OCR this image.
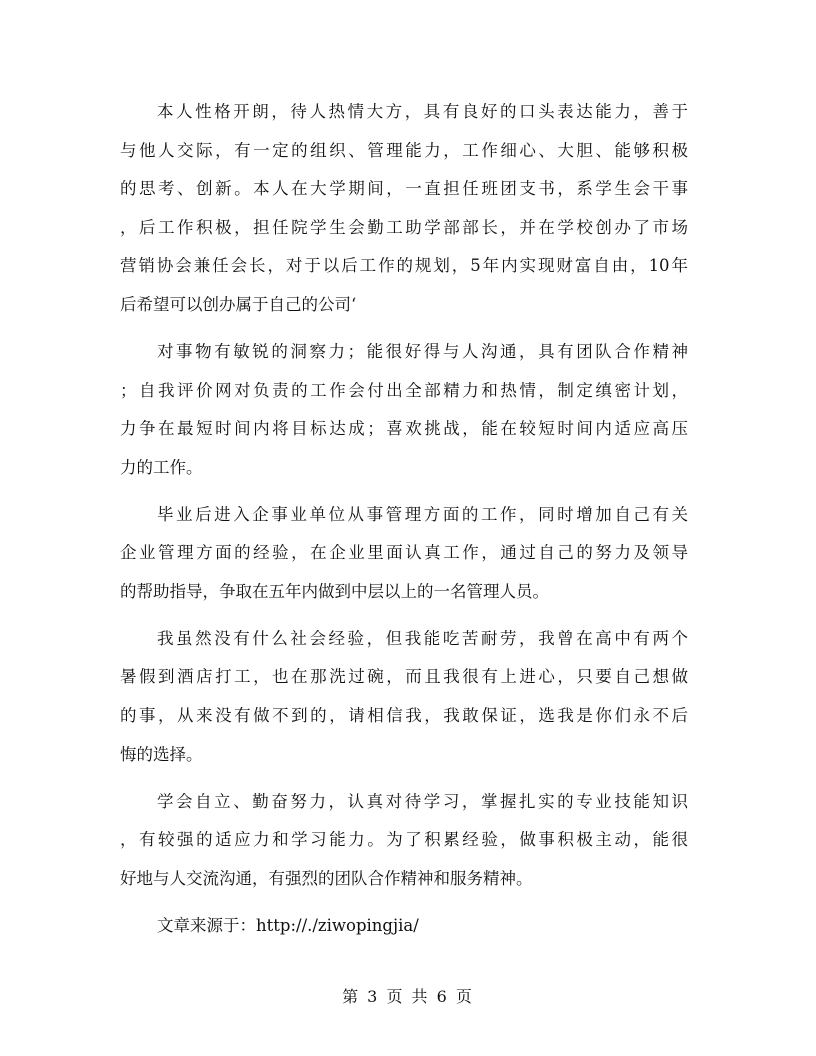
本人性格开朗，待人热情大方，具有良好的口头表达能力，善于
与他人交际，有一定的组织、管理能力，工作细心、大胆、能够积极
的思考、创新。本人在大学期间，一直担任班团支书，系学生会干事
，后工作积极，担任院学生会勤工助学部部长，并在学校创办了市场
营销协会兼任会长，对于以后工作的规划，5年内实现财富自由，10年
后希望可以创办属于自己的公司‘
对事物有敏锐的洞察力；能很好得与人沟通，具有团队合作精神
；自我评价网对负责的工作会付出全部精力和热情，制定缜密计划，
力争在最短时间内将目标达成；喜欢挑战，能在较短时间内适应高压
力的工作。
毕业后进入企事业单位从事管理方面的工作，同时增加自己有关
企业管理方面的经验，在企业里面认真工作，通过自己的努力及领导
的帮助指导，争取在五年内做到中层以上的一名管理人员。
我虽然没有什么社会经验，但我能吃苦耐劳，我曾在高中有两个
暑假到酒店打工，也在那洗过碗，而且我很有上进心，只要自己想做
的事，从来没有做不到的，请相信我，我敢保证，选我是你们永不后
悔的选择。
学会自立、勤奋努力，认真对待学习，掌握扎实的专业技能知识
，有较强的适应力和学习能力。为了积累经验，做事积极主动，能很
好地与人交流沟通，有强烈的团队合作精神和服务精神。
文章来源于：http://./ziwopingjia/
第 3 页 共 6 页
